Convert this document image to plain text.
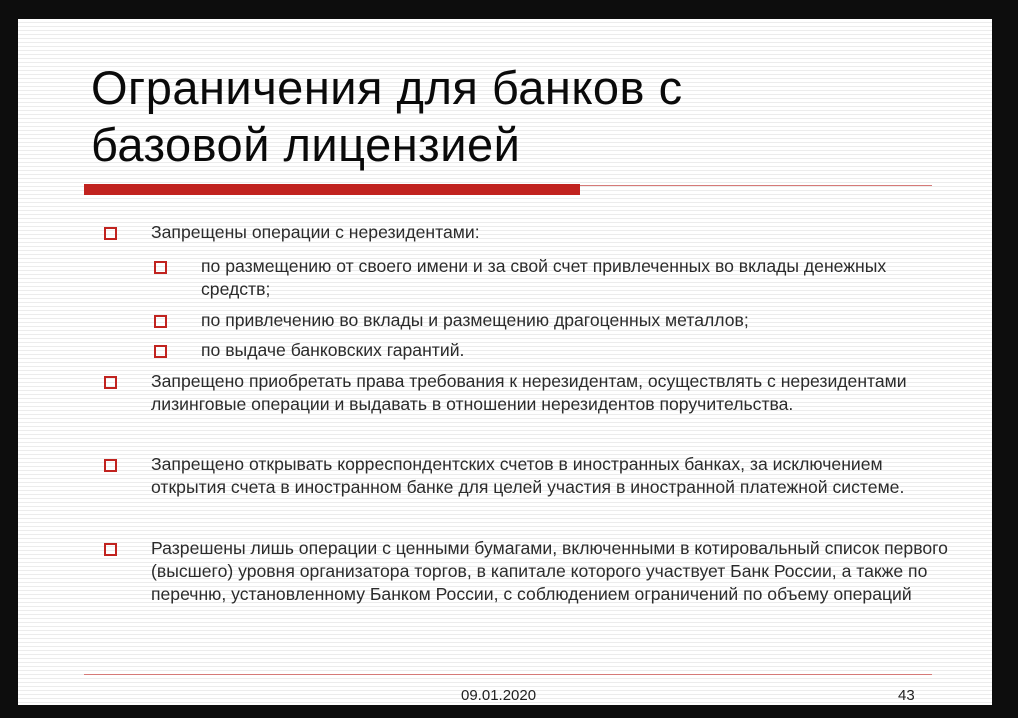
Ограничения для банков с
базовой лицензией
Запрещены операции с нерезидентами:
по размещению от своего имени и за свой счет привлеченных во вклады денежных средств;
по привлечению во вклады и размещению драгоценных металлов;
по выдаче банковских гарантий.
Запрещено приобретать права требования к нерезидентам, осуществлять с нерезидентами лизинговые операции и выдавать в отношении нерезидентов поручительства.
Запрещено открывать корреспондентских счетов в иностранных банках, за исключением открытия счета в иностранном банке для целей участия в иностранной платежной системе.
Разрешены лишь операции с ценными бумагами, включенными в котировальный список первого (высшего) уровня организатора торгов, в капитале которого участвует Банк России, а также по перечню, установленному Банком России, с соблюдением ограничений по объему операций
09.01.2020	43
